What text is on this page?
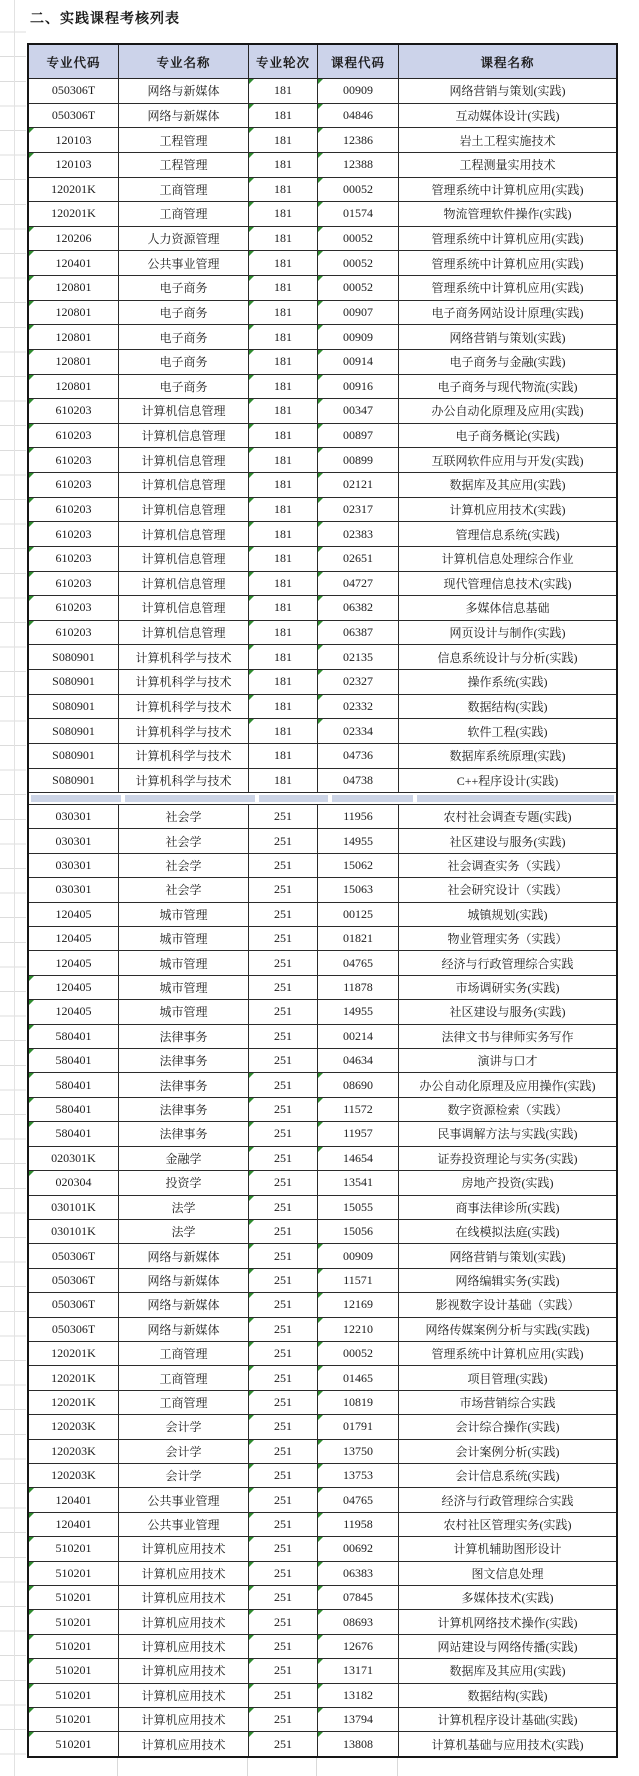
二、实践课程考核列表
专业代码	专业名称	专业轮次	课程代码	课程名称
050306T	网络与新媒体	181	00909	网络营销与策划(实践)
050306T	网络与新媒体	181	04846	互动媒体设计(实践)
120103	工程管理	181	12386	岩土工程实施技术
120103	工程管理	181	12388	工程测量实用技术
120201K	工商管理	181	00052	管理系统中计算机应用(实践)
120201K	工商管理	181	01574	物流管理软件操作(实践)
120206	人力资源管理	181	00052	管理系统中计算机应用(实践)
120401	公共事业管理	181	00052	管理系统中计算机应用(实践)
120801	电子商务	181	00052	管理系统中计算机应用(实践)
120801	电子商务	181	00907	电子商务网站设计原理(实践)
120801	电子商务	181	00909	网络营销与策划(实践)
120801	电子商务	181	00914	电子商务与金融(实践)
120801	电子商务	181	00916	电子商务与现代物流(实践)
610203	计算机信息管理	181	00347	办公自动化原理及应用(实践)
610203	计算机信息管理	181	00897	电子商务概论(实践)
610203	计算机信息管理	181	00899	互联网软件应用与开发(实践)
610203	计算机信息管理	181	02121	数据库及其应用(实践)
610203	计算机信息管理	181	02317	计算机应用技术(实践)
610203	计算机信息管理	181	02383	管理信息系统(实践)
610203	计算机信息管理	181	02651	计算机信息处理综合作业
610203	计算机信息管理	181	04727	现代管理信息技术(实践)
610203	计算机信息管理	181	06382	多媒体信息基础
610203	计算机信息管理	181	06387	网页设计与制作(实践)
S080901	计算机科学与技术	181	02135	信息系统设计与分析(实践)
S080901	计算机科学与技术	181	02327	操作系统(实践)
S080901	计算机科学与技术	181	02332	数据结构(实践)
S080901	计算机科学与技术	181	02334	软件工程(实践)
S080901	计算机科学与技术	181	04736	数据库系统原理(实践)
S080901	计算机科学与技术	181	04738	C++程序设计(实践)
030301	社会学	251	11956	农村社会调查专题(实践)
030301	社会学	251	14955	社区建设与服务(实践)
030301	社会学	251	15062	社会调查实务（实践）
030301	社会学	251	15063	社会研究设计（实践）
120405	城市管理	251	00125	城镇规划(实践)
120405	城市管理	251	01821	物业管理实务（实践）
120405	城市管理	251	04765	经济与行政管理综合实践
120405	城市管理	251	11878	市场调研实务(实践)
120405	城市管理	251	14955	社区建设与服务(实践)
580401	法律事务	251	00214	法律文书与律师实务写作
580401	法律事务	251	04634	演讲与口才
580401	法律事务	251	08690	办公自动化原理及应用操作(实践)
580401	法律事务	251	11572	数字资源检索（实践）
580401	法律事务	251	11957	民事调解方法与实践(实践)
020301K	金融学	251	14654	证券投资理论与实务(实践)
020304	投资学	251	13541	房地产投资(实践)
030101K	法学	251	15055	商事法律诊所(实践)
030101K	法学	251	15056	在线模拟法庭(实践)
050306T	网络与新媒体	251	00909	网络营销与策划(实践)
050306T	网络与新媒体	251	11571	网络编辑实务(实践)
050306T	网络与新媒体	251	12169	影视数字设计基础（实践）
050306T	网络与新媒体	251	12210	网络传媒案例分析与实践(实践)
120201K	工商管理	251	00052	管理系统中计算机应用(实践)
120201K	工商管理	251	01465	项目管理(实践)
120201K	工商管理	251	10819	市场营销综合实践
120203K	会计学	251	01791	会计综合操作(实践)
120203K	会计学	251	13750	会计案例分析(实践)
120203K	会计学	251	13753	会计信息系统(实践)
120401	公共事业管理	251	04765	经济与行政管理综合实践
120401	公共事业管理	251	11958	农村社区管理实务(实践)
510201	计算机应用技术	251	00692	计算机辅助图形设计
510201	计算机应用技术	251	06383	图文信息处理
510201	计算机应用技术	251	07845	多媒体技术(实践)
510201	计算机应用技术	251	08693	计算机网络技术操作(实践)
510201	计算机应用技术	251	12676	网站建设与网络传播(实践)
510201	计算机应用技术	251	13171	数据库及其应用(实践)
510201	计算机应用技术	251	13182	数据结构(实践)
510201	计算机应用技术	251	13794	计算机程序设计基础(实践)
510201	计算机应用技术	251	13808	计算机基础与应用技术(实践)
